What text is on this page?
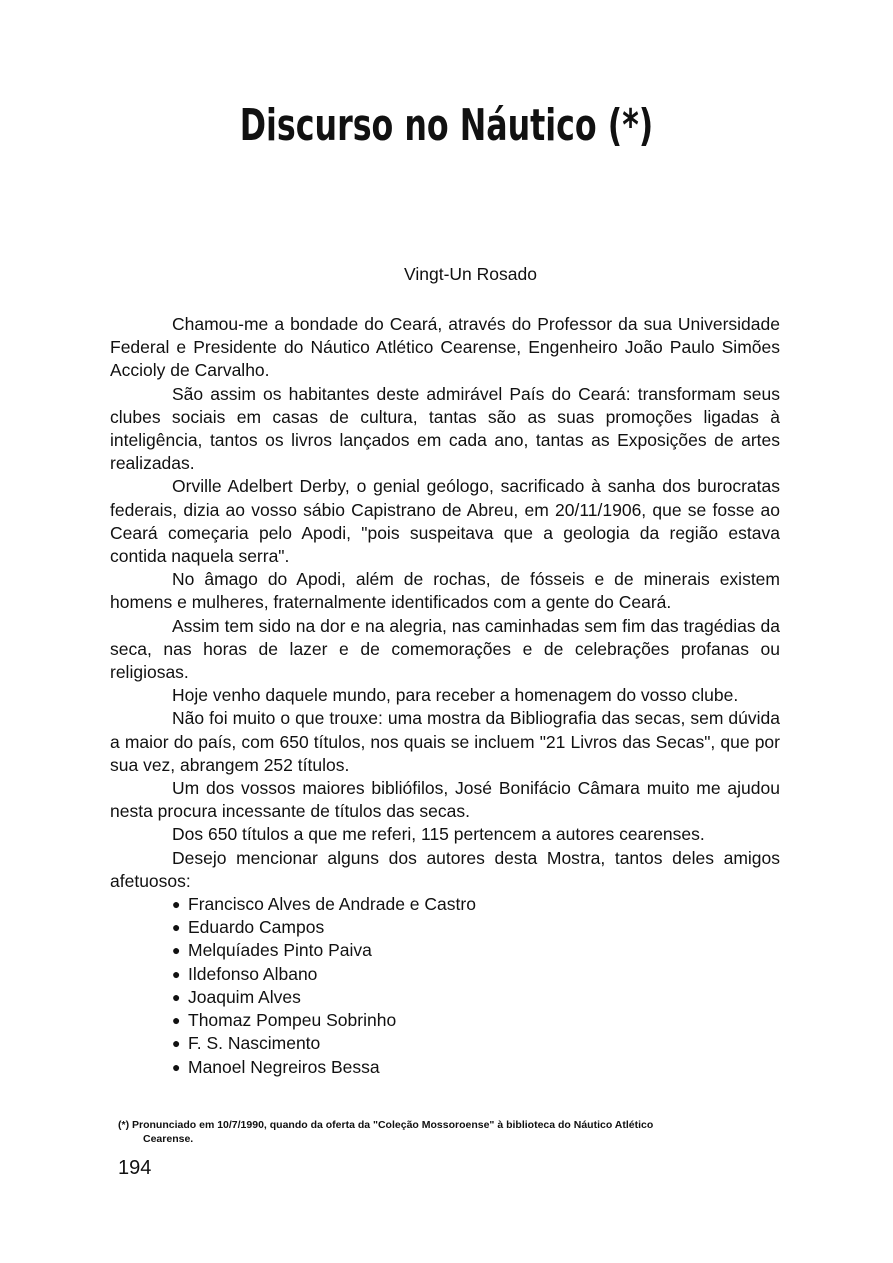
Discurso no Náutico (*)
Vingt-Un Rosado

Chamou-me a bondade do Ceará, através do Professor da sua Universidade Federal e Presidente do Náutico Atlético Cearense, Engenheiro João Paulo Simões Accioly de Carvalho.

São assim os habitantes deste admirável País do Ceará: transformam seus clubes sociais em casas de cultura, tantas são as suas promoções ligadas à inteligência, tantos os livros lançados em cada ano, tantas as Exposições de artes realizadas.

Orville Adelbert Derby, o genial geólogo, sacrificado à sanha dos burocratas federais, dizia ao vosso sábio Capistrano de Abreu, em 20/11/1906, que se fosse ao Ceará começaria pelo Apodi, "pois suspeitava que a geologia da região estava contida naquela serra".

No âmago do Apodi, além de rochas, de fósseis e de minerais existem homens e mulheres, fraternalmente identificados com a gente do Ceará.

Assim tem sido na dor e na alegria, nas caminhadas sem fim das tragédias da seca, nas horas de lazer e de comemorações e de celebrações profanas ou religiosas.

Hoje venho daquele mundo, para receber a homenagem do vosso clube.

Não foi muito o que trouxe: uma mostra da Bibliografia das secas, sem dúvida a maior do país, com 650 títulos, nos quais se incluem "21 Livros das Secas", que por sua vez, abrangem 252 títulos.

Um dos vossos maiores bibliófilos, José Bonifácio Câmara muito me ajudou nesta procura incessante de títulos das secas.

Dos 650 títulos a que me referi, 115 pertencem a autores cearenses.

Desejo mencionar alguns dos autores desta Mostra, tantos deles amigos afetuosos:

● Francisco Alves de Andrade e Castro
● Eduardo Campos
● Melquíades Pinto Paiva
● Ildefonso Albano
● Joaquim Alves
● Thomaz Pompeu Sobrinho
● F. S. Nascimento
● Manoel Negreiros Bessa
(*) Pronunciado em 10/7/1990, quando da oferta da "Coleção Mossoroense" à biblioteca do Náutico Atlético
Cearense.
194
